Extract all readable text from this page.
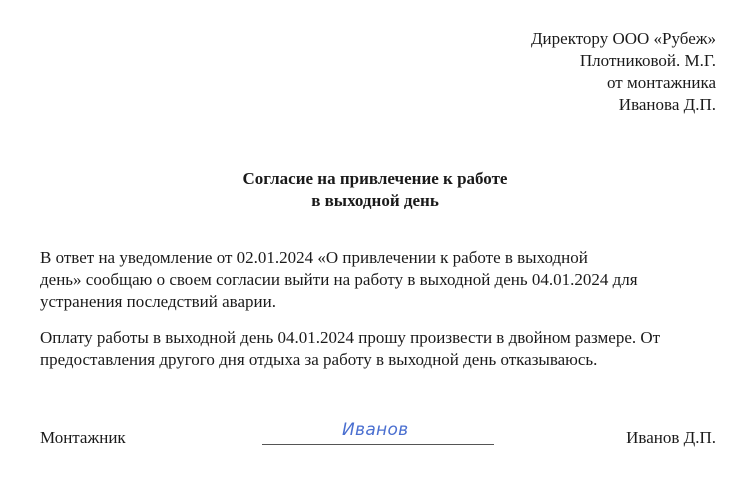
Директору ООО «Рубеж»
Плотниковой. М.Г.
от монтажника
Иванова Д.П.
Согласие на привлечение к работе
в выходной день
В ответ на уведомление от 02.01.2024 «О привлечении к работе в выходной
день» сообщаю о своем согласии выйти на работу в выходной день 04.01.2024 для
устранения последствий аварии.
Оплату работы в выходной день 04.01.2024 прошу произвести в двойном размере. От
предоставления другого дня отдыха за работу в выходной день отказываюсь.
Монтажник	Иванов	Иванов Д.П.
